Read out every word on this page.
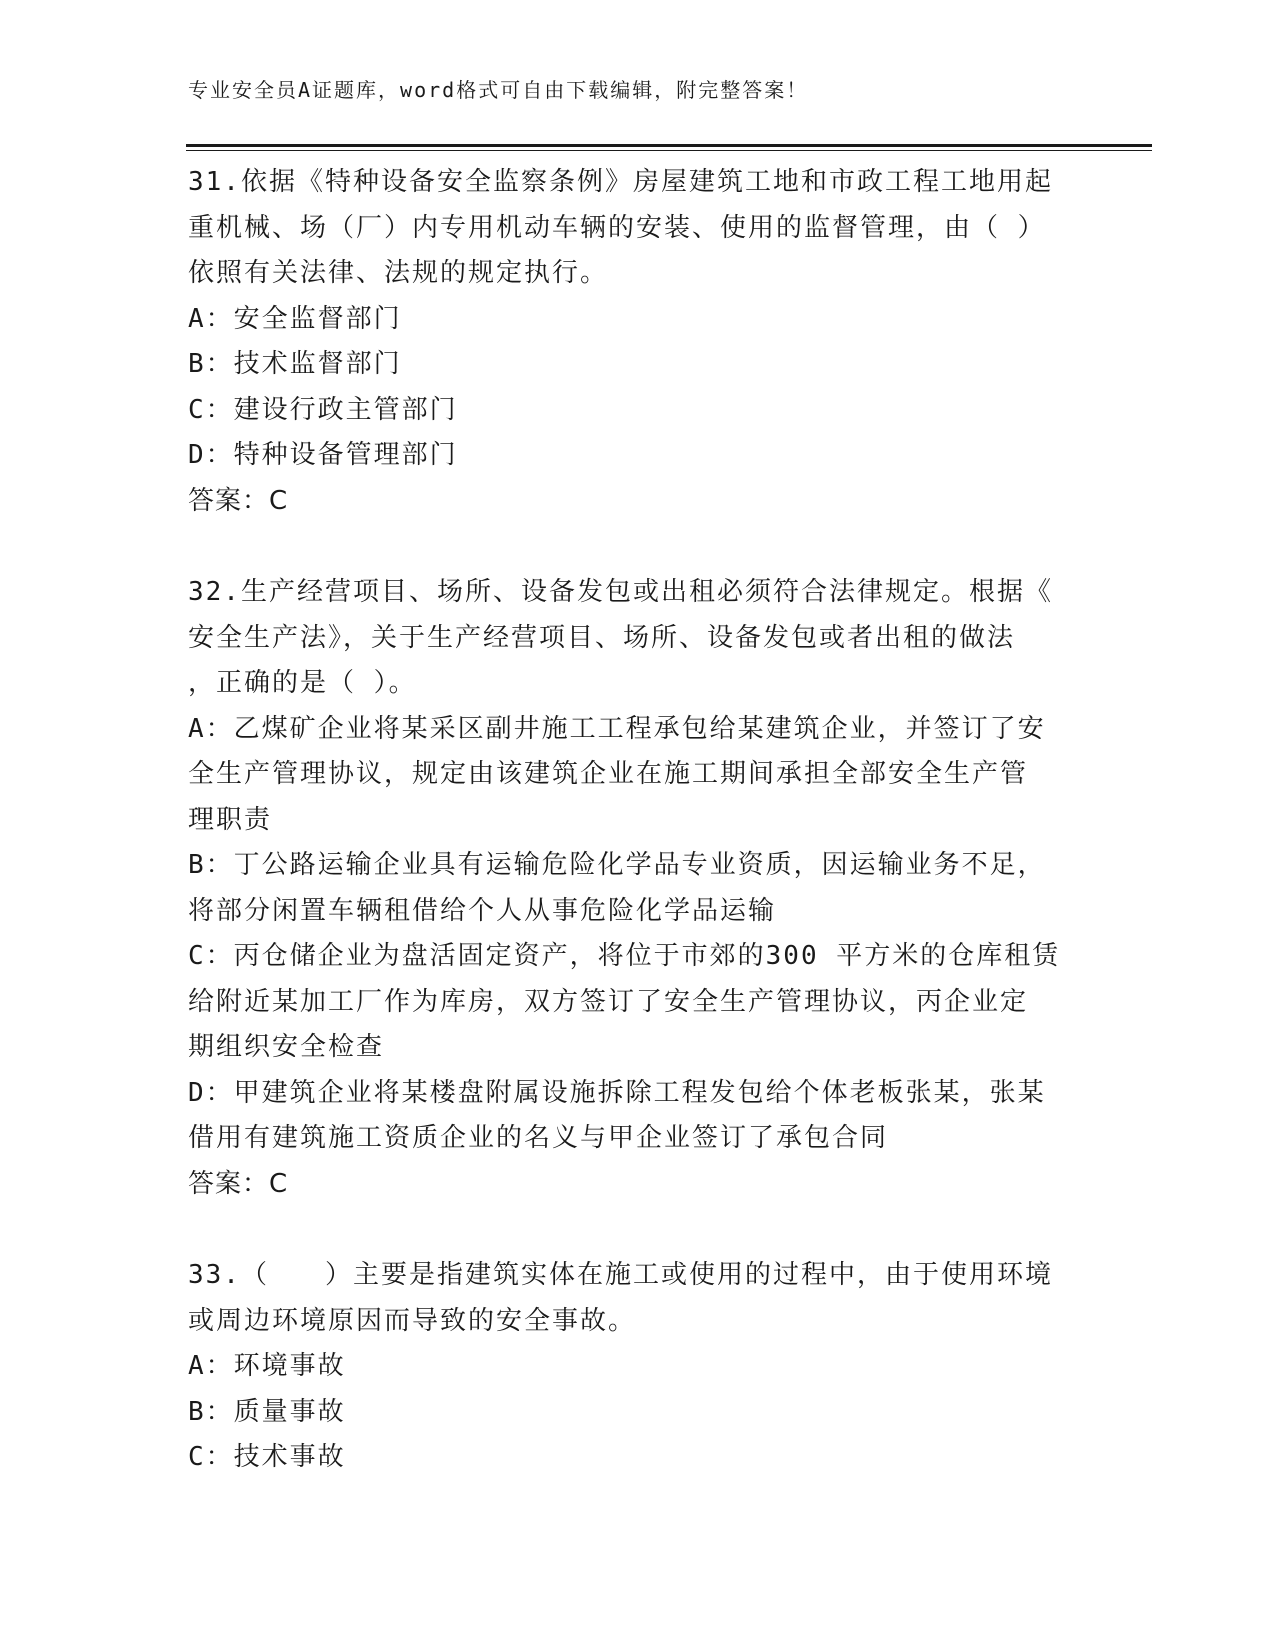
专业安全员A证题库，word格式可自由下载编辑，附完整答案！
31.依据《特种设备安全监察条例》房屋建筑工地和市政工程工地用起
重机械、场（厂）内专用机动车辆的安装、使用的监督管理，由（ ）
依照有关法律、法规的规定执行。
A：安全监督部门
B：技术监督部门
C：建设行政主管部门
D：特种设备管理部门
答案：C
32.生产经营项目、场所、设备发包或出租必须符合法律规定。根据《
安全生产法》，关于生产经营项目、场所、设备发包或者出租的做法
，正确的是（ ）。
A：乙煤矿企业将某采区副井施工工程承包给某建筑企业，并签订了安
全生产管理协议，规定由该建筑企业在施工期间承担全部安全生产管
理职责
B：丁公路运输企业具有运输危险化学品专业资质，因运输业务不足，
将部分闲置车辆租借给个人从事危险化学品运输
C：丙仓储企业为盘活固定资产，将位于市郊的300 平方米的仓库租赁
给附近某加工厂作为库房，双方签订了安全生产管理协议，丙企业定
期组织安全检查
D：甲建筑企业将某楼盘附属设施拆除工程发包给个体老板张某，张某
借用有建筑施工资质企业的名义与甲企业签订了承包合同
答案：C
33.（　　）主要是指建筑实体在施工或使用的过程中，由于使用环境
或周边环境原因而导致的安全事故。
A：环境事故
B：质量事故
C：技术事故
